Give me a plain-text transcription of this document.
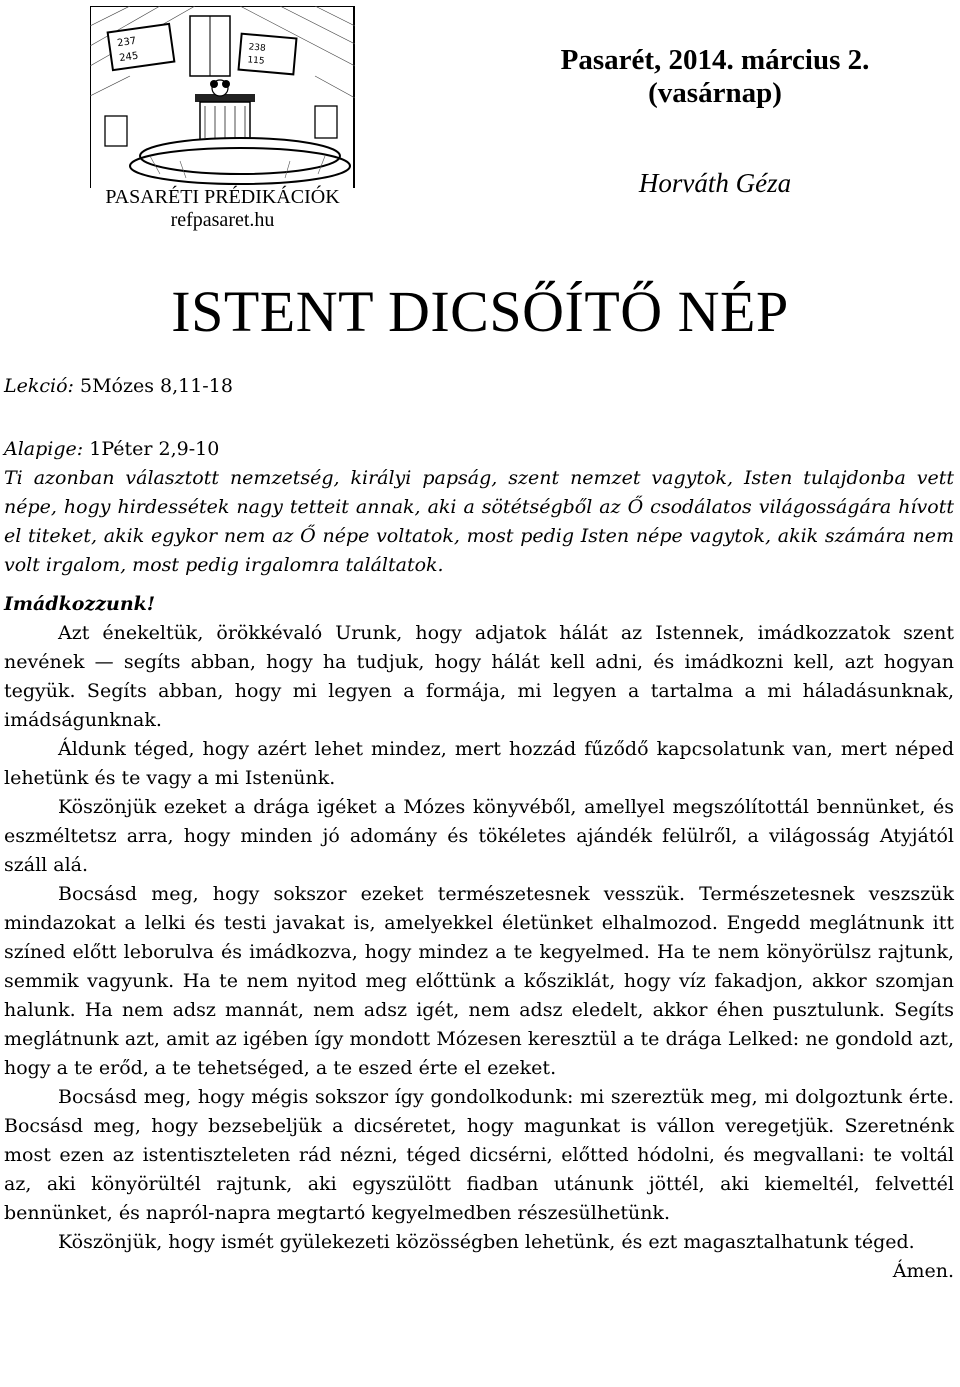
237
245
238
115
PASARÉTI PRÉDIKÁCIÓK
refpasaret.hu
Pasarét, 2014. március 2.
(vasárnap)
Horváth Géza
ISTENT DICSŐÍTŐ NÉP

Lekció: 5Mózes 8,11-18

Alapige: 1Péter 2,9-10

Ti azonban választott nemzetség, királyi papság, szent nemzet vagytok, Isten tulajdonba vett népe, hogy hirdessétek nagy tetteit annak, aki a sötétségből az Ő csodálatos világosságára hívott el titeket, akik egykor nem az Ő népe voltatok, most pedig Isten népe vagytok, akik számára nem volt irgalom, most pedig irgalomra találtatok.

Imádkozzunk!

Azt énekeltük, örökkévaló Urunk, hogy adjatok hálát az Istennek, imádkozzatok szent nevének — segíts abban, hogy ha tudjuk, hogy hálát kell adni, és imádkozni kell, azt hogyan tegyük. Segíts abban, hogy mi legyen a formája, mi legyen a tartalma a mi háladásunknak, imádságunknak.

Áldunk téged, hogy azért lehet mindez, mert hozzád fűződő kapcsolatunk van, mert néped lehetünk és te vagy a mi Istenünk.

Köszönjük ezeket a drága igéket a Mózes könyvéből, amellyel megszólítottál bennünket, és eszméltetsz arra, hogy minden jó adomány és tökéletes ajándék felülről, a világosság Atyjától száll alá.

Bocsásd meg, hogy sokszor ezeket természetesnek vesszük. Természetesnek veszszük mindazokat a lelki és testi javakat is, amelyekkel életünket elhalmozod. Engedd meglátnunk itt színed előtt leborulva és imádkozva, hogy mindez a te kegyelmed. Ha te nem könyörülsz rajtunk, semmik vagyunk. Ha te nem nyitod meg előttünk a kősziklát, hogy víz fakadjon, akkor szomjan halunk. Ha nem adsz mannát, nem adsz igét, nem adsz eledelt, akkor éhen pusztulunk. Segíts meglátnunk azt, amit az igében így mondott Mózesen keresztül a te drága Lelked: ne gondold azt, hogy a te erőd, a te tehetséged, a te eszed érte el ezeket.

Bocsásd meg, hogy mégis sokszor így gondolkodunk: mi szereztük meg, mi dolgoztunk érte. Bocsásd meg, hogy bezsebeljük a dicséretet, hogy magunkat is vállon veregetjük. Szeretnénk most ezen az istentiszteleten rád nézni, téged dicsérni, előtted hódolni, és megvallani: te voltál az, aki könyörültél rajtunk, aki egyszülött fiadban utánunk jöttél, aki kiemeltél, felvettél bennünket, és napról-napra megtartó kegyelmedben részesülhetünk.

Köszönjük, hogy ismét gyülekezeti közösségben lehetünk, és ezt magasztalhatunk téged.

Ámen.
